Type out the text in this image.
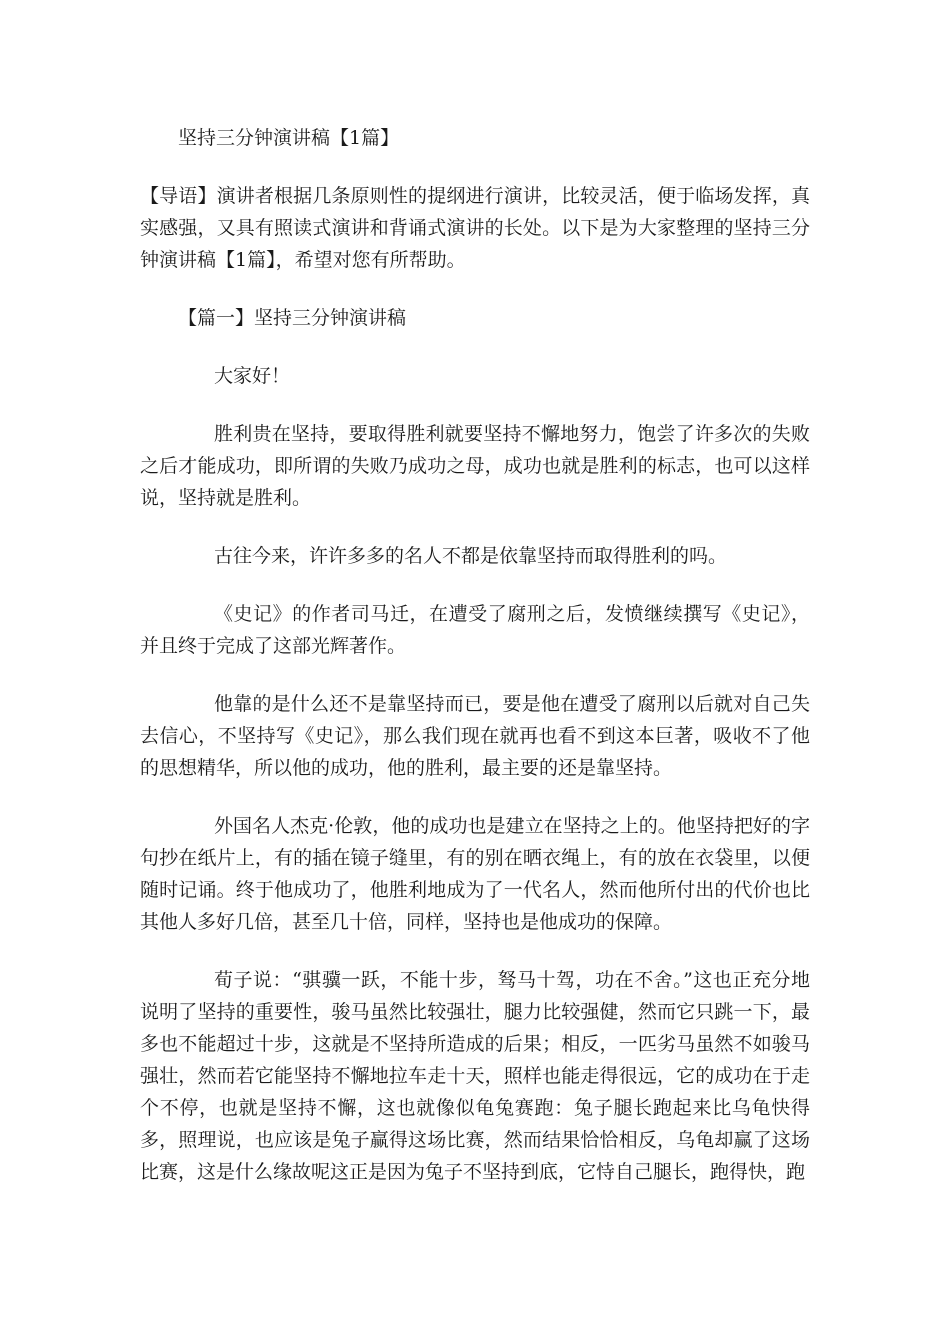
坚持三分钟演讲稿【1篇】

【导语】演讲者根据几条原则性的提纲进行演讲，比较灵活，便于临场发挥，真实感强，又具有照读式演讲和背诵式演讲的长处。以下是为大家整理的坚持三分钟演讲稿【1篇】，希望对您有所帮助。

【篇一】坚持三分钟演讲稿

大家好！

胜利贵在坚持，要取得胜利就要坚持不懈地努力，饱尝了许多次的失败之后才能成功，即所谓的失败乃成功之母，成功也就是胜利的标志，也可以这样说，坚持就是胜利。

古往今来，许许多多的名人不都是依靠坚持而取得胜利的吗。

《史记》的作者司马迁，在遭受了腐刑之后，发愤继续撰写《史记》，并且终于完成了这部光辉著作。

他靠的是什么还不是靠坚持而已，要是他在遭受了腐刑以后就对自己失去信心，不坚持写《史记》，那么我们现在就再也看不到这本巨著，吸收不了他的思想精华，所以他的成功，他的胜利，最主要的还是靠坚持。

外国名人杰克·伦敦，他的成功也是建立在坚持之上的。他坚持把好的字句抄在纸片上，有的插在镜子缝里，有的别在晒衣绳上，有的放在衣袋里，以便随时记诵。终于他成功了，他胜利地成为了一代名人，然而他所付出的代价也比其他人多好几倍，甚至几十倍，同样，坚持也是他成功的保障。

荀子说：“骐骥一跃，不能十步，驽马十驾，功在不舍。”这也正充分地说明了坚持的重要性，骏马虽然比较强壮，腿力比较强健，然而它只跳一下，最多也不能超过十步，这就是不坚持所造成的后果；相反，一匹劣马虽然不如骏马强壮，然而若它能坚持不懈地拉车走十天，照样也能走得很远，它的成功在于走个不停，也就是坚持不懈，这也就像似龟兔赛跑：兔子腿长跑起来比乌龟快得多，照理说，也应该是兔子赢得这场比赛，然而结果恰恰相反，乌龟却赢了这场比赛，这是什么缘故呢这正是因为兔子不坚持到底，它恃自己腿长，跑得快，跑
